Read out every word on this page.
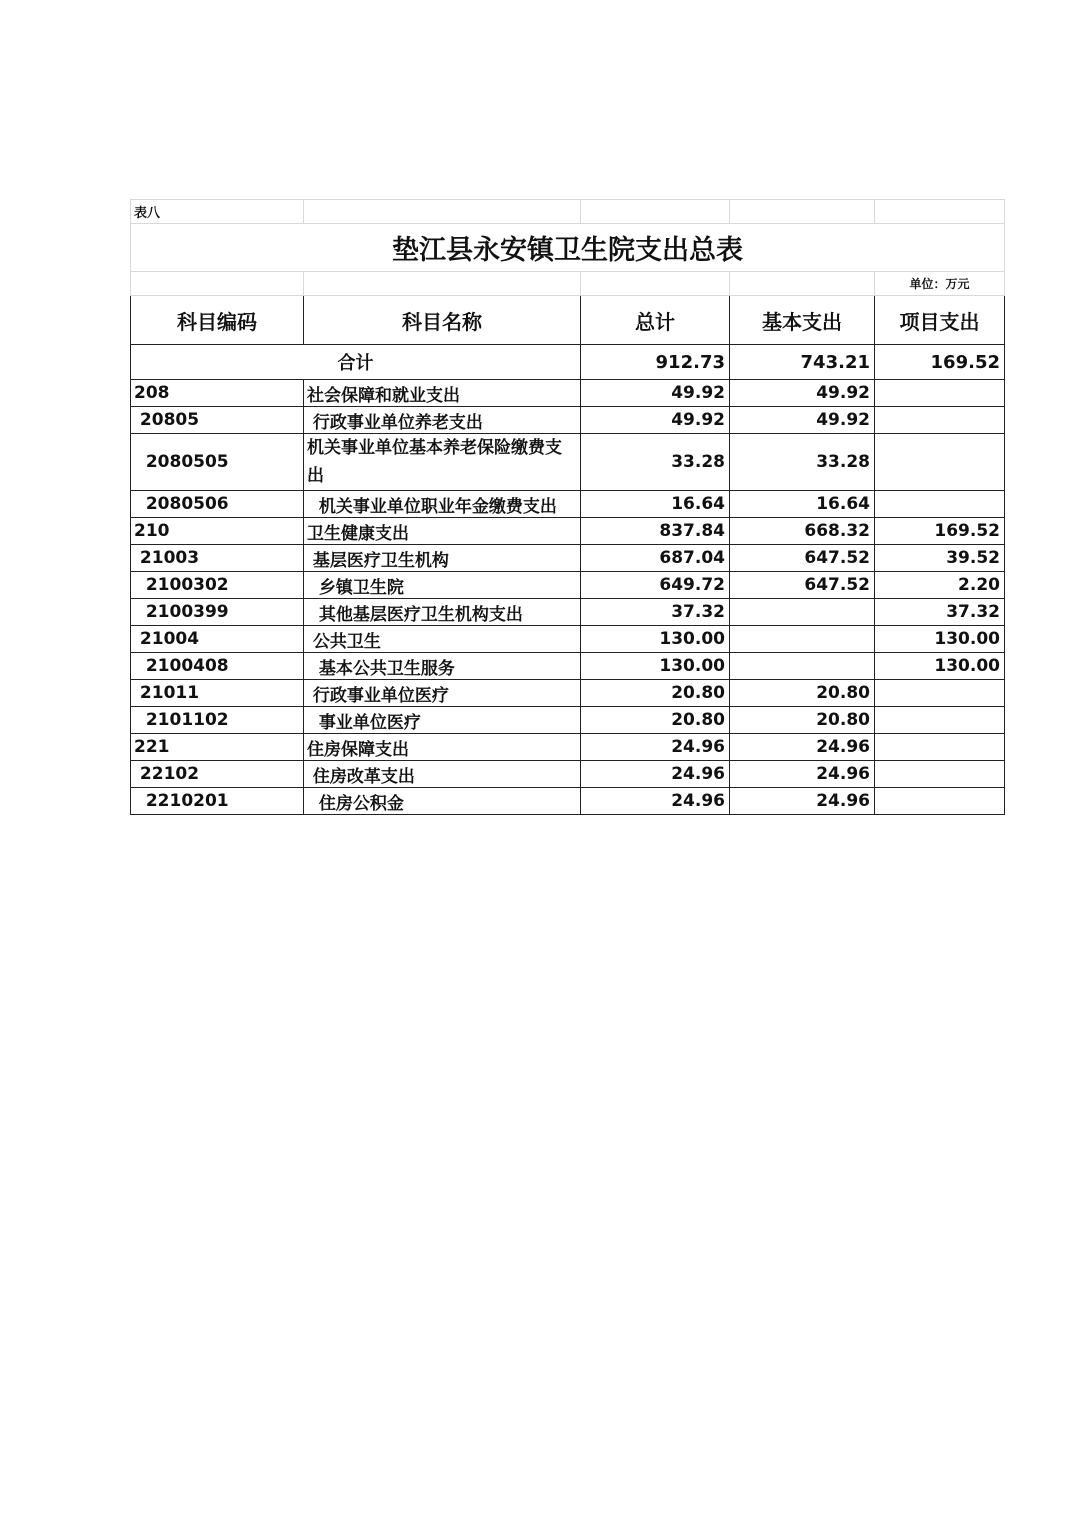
表八				
垫江县永安镇卫生院支出总表				
				单位：万元
科目编码	科目名称	总计	基本支出	项目支出
合计		912.73	743.21	169.52
208	社会保障和就业支出	49.92	49.92	
20805	行政事业单位养老支出	49.92	49.92	
2080505	机关事业单位基本养老保险缴费支出	33.28	33.28	
2080506	机关事业单位职业年金缴费支出	16.64	16.64	
210	卫生健康支出	837.84	668.32	169.52
21003	基层医疗卫生机构	687.04	647.52	39.52
2100302	乡镇卫生院	649.72	647.52	2.20
2100399	其他基层医疗卫生机构支出	37.32		37.32
21004	公共卫生	130.00		130.00
2100408	基本公共卫生服务	130.00		130.00
21011	行政事业单位医疗	20.80	20.80	
2101102	事业单位医疗	20.80	20.80	
221	住房保障支出	24.96	24.96	
22102	住房改革支出	24.96	24.96	
2210201	住房公积金	24.96	24.96	
